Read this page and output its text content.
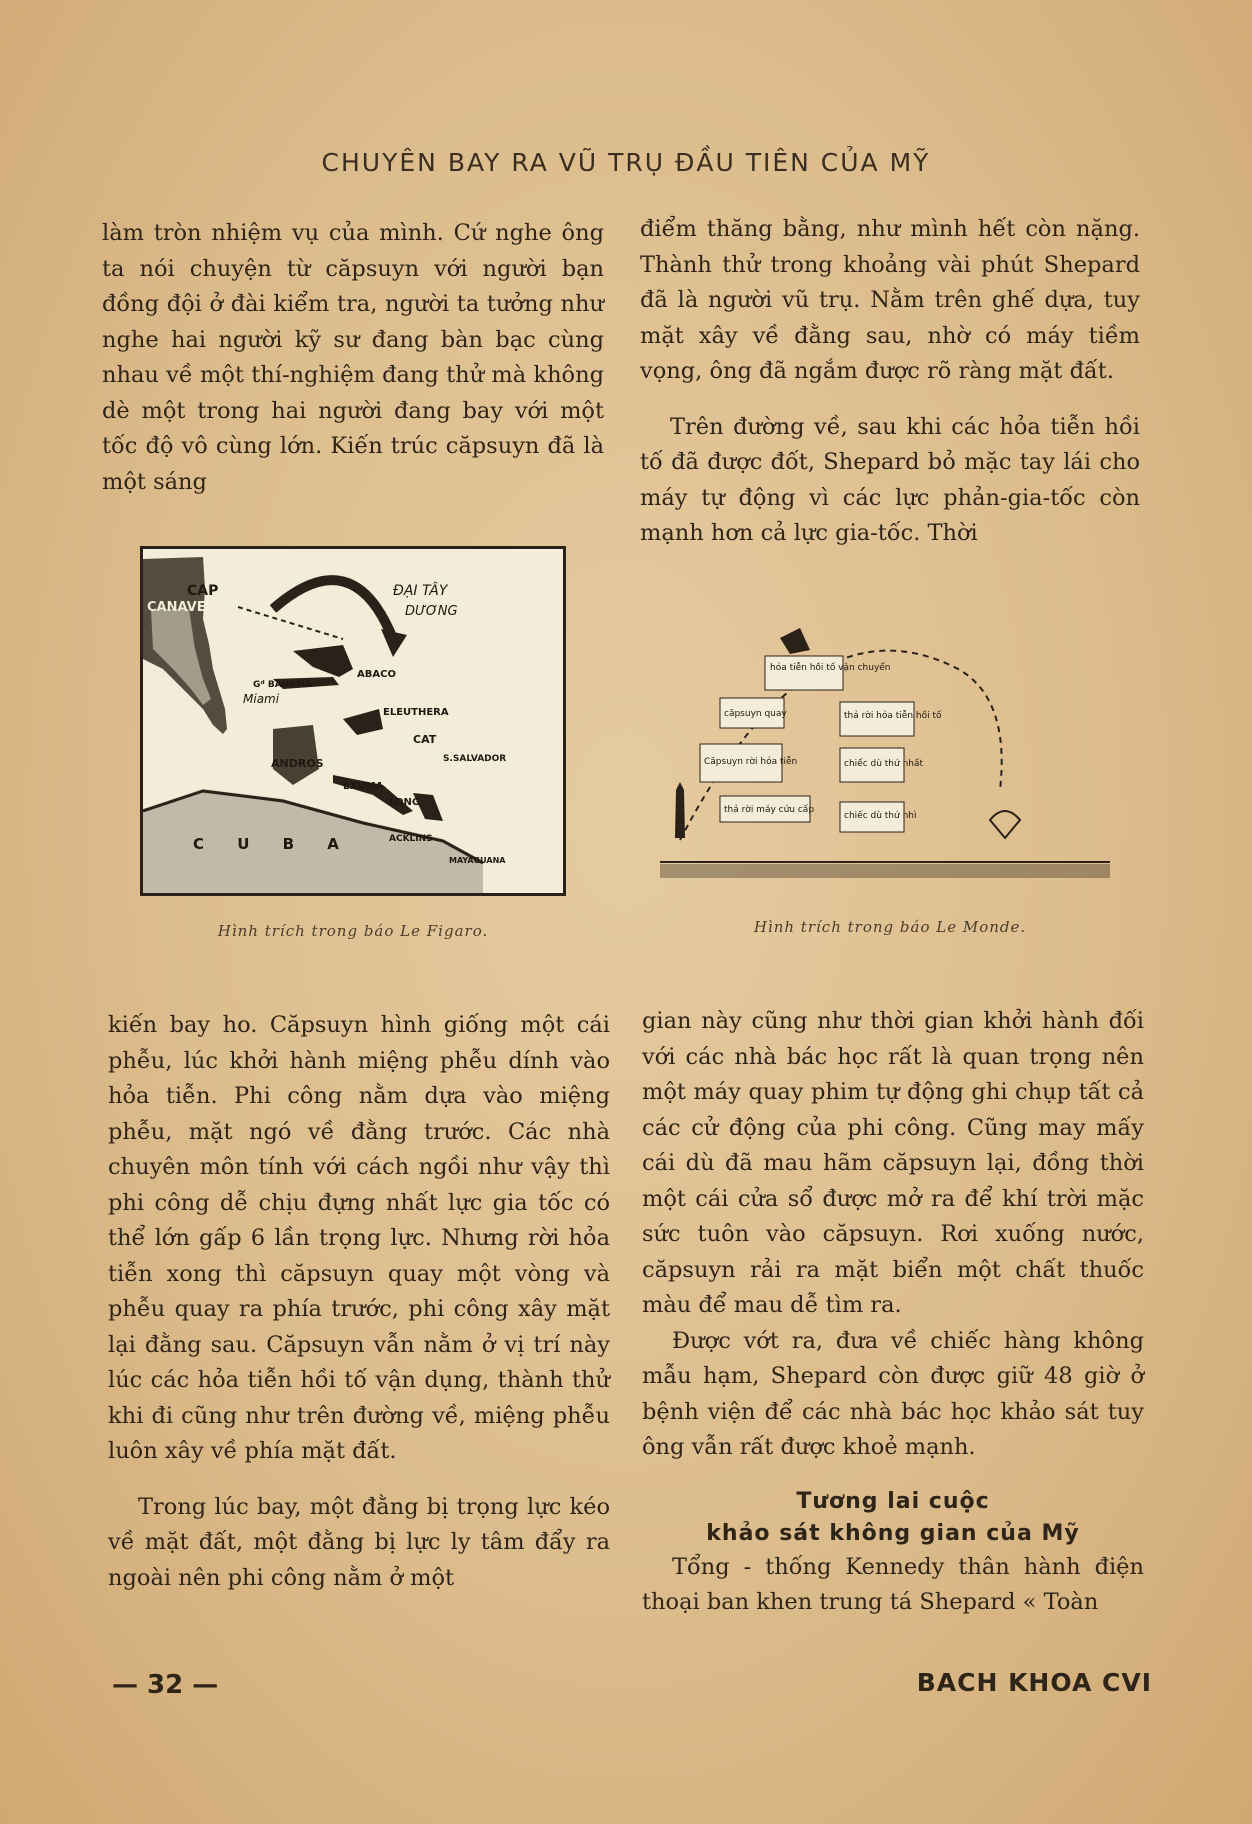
CHUYÊN BAY RA VŨ TRỤ ĐẦU TIÊN CỦA MỸ

làm tròn nhiệm vụ của mình. Cứ nghe ông ta nói chuyện từ căpsuyn với người bạn đồng đội ở đài kiểm tra, người ta tưởng như nghe hai người kỹ sư đang bàn bạc cùng nhau về một thí-nghiệm đang thử mà không dè một trong hai người đang bay với một tốc độ vô cùng lớn. Kiến trúc căpsuyn đã là một sáng

điểm thăng bằng, như mình hết còn nặng. Thành thử trong khoảng vài phút Shepard đã là người vũ trụ. Nằm trên ghế dựa, tuy mặt xây về đằng sau, nhờ có máy tiềm vọng, ông đã ngắm được rõ ràng mặt đất.

Trên đường về, sau khi các hỏa tiễn hồi tố đã được đốt, Shepard bỏ mặc tay lái cho máy tự động vì các lực phản-gia-tốc còn mạnh hơn cả lực gia-tốc. Thời

CAP
CANAVERAL
FLORIDE
ĐẠI TÂY
DƯƠNG
ABACO
Gᵈ BAHAMA
Miami
ELEUTHERA
CAT
ANDROS	S.SALVADOR
EXUMA
LONG
ACKLINS
MAYAGUANA
C U B A
Hình trích trong báo Le Figaro.
hỏa tiễn hồi tố vận chuyển
căpsuyn quay	thả rời hỏa tiễn hồi tố
Căpsuyn rời hỏa tiễn	chiếc dù thứ nhất
thả rời máy cứu cấp
chiếc dù thứ nhì
Hình trích trong báo Le Monde.

kiến bay ho. Căpsuyn hình giống một cái phễu, lúc khởi hành miệng phễu dính vào hỏa tiễn. Phi công nằm dựa vào miệng phễu, mặt ngó về đằng trước. Các nhà chuyên môn tính với cách ngồi như vậy thì phi công dễ chịu đựng nhất lực gia tốc có thể lớn gấp 6 lần trọng lực. Nhưng rời hỏa tiễn xong thì căpsuyn quay một vòng và phễu quay ra phía trước, phi công xây mặt lại đằng sau. Căpsuyn vẫn nằm ở vị trí này lúc các hỏa tiễn hồi tố vận dụng, thành thử khi đi cũng như trên đường về, miệng phễu luôn xây về phía mặt đất.

Trong lúc bay, một đằng bị trọng lực kéo về mặt đất, một đằng bị lực ly tâm đẩy ra ngoài nên phi công nằm ở một

gian này cũng như thời gian khởi hành đối với các nhà bác học rất là quan trọng nên một máy quay phim tự động ghi chụp tất cả các cử động của phi công. Cũng may mấy cái dù đã mau hãm căpsuyn lại, đồng thời một cái cửa sổ được mở ra để khí trời mặc sức tuôn vào căpsuyn. Rơi xuống nước, căpsuyn rải ra mặt biển một chất thuốc màu để mau dễ tìm ra.

Được vớt ra, đưa về chiếc hàng không mẫu hạm, Shepard còn được giữ 48 giờ ở bệnh viện để các nhà bác học khảo sát tuy ông vẫn rất được khoẻ mạnh.

Tương lai cuộc
khảo sát không gian của Mỹ

Tổng - thống Kennedy thân hành điện thoại ban khen trung tá Shepard « Toàn

— 32 —	BACH KHOA CVI
